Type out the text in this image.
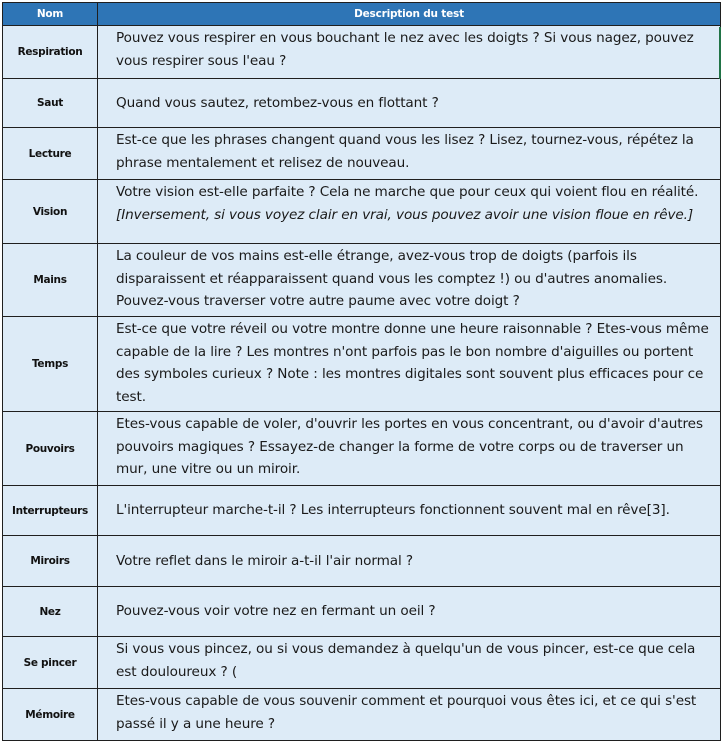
Nom	Description du test
Respiration	Pouvez vous respirer en vous bouchant le nez avec les doigts ? Si vous nagez, pouvez vous respirer sous l'eau ?
Saut	Quand vous sautez, retombez-vous en flottant ?
Lecture	Est-ce que les phrases changent quand vous les lisez ? Lisez, tournez-vous, répétez la phrase mentalement et relisez de nouveau.
Vision	Votre vision est-elle parfaite ? Cela ne marche que pour ceux qui voient flou en réalité. [Inversement, si vous voyez clair en vrai, vous pouvez avoir une vision floue en rêve.]
Mains	La couleur de vos mains est-elle étrange, avez-vous trop de doigts (parfois ils disparaissent et réapparaissent quand vous les comptez !) ou d'autres anomalies. Pouvez-vous traverser votre autre paume avec votre doigt ?
Temps	Est-ce que votre réveil ou votre montre donne une heure raisonnable ? Etes-vous même capable de la lire ? Les montres n'ont parfois pas le bon nombre d'aiguilles ou portent des symboles curieux ? Note : les montres digitales sont souvent plus efficaces pour ce test.
Pouvoirs	Etes-vous capable de voler, d'ouvrir les portes en vous concentrant, ou d'avoir d'autres pouvoirs magiques ? Essayez-de changer la forme de votre corps ou de traverser un mur, une vitre ou un miroir.
Interrupteurs	L'interrupteur marche-t-il ? Les interrupteurs fonctionnent souvent mal en rêve[3].
Miroirs	Votre reflet dans le miroir a-t-il l'air normal ?
Nez	Pouvez-vous voir votre nez en fermant un oeil ?
Se pincer	Si vous vous pincez, ou si vous demandez à quelqu'un de vous pincer, est-ce que cela est douloureux ? (
Mémoire	Etes-vous capable de vous souvenir comment et pourquoi vous êtes ici, et ce qui s'est passé il y a une heure ?
